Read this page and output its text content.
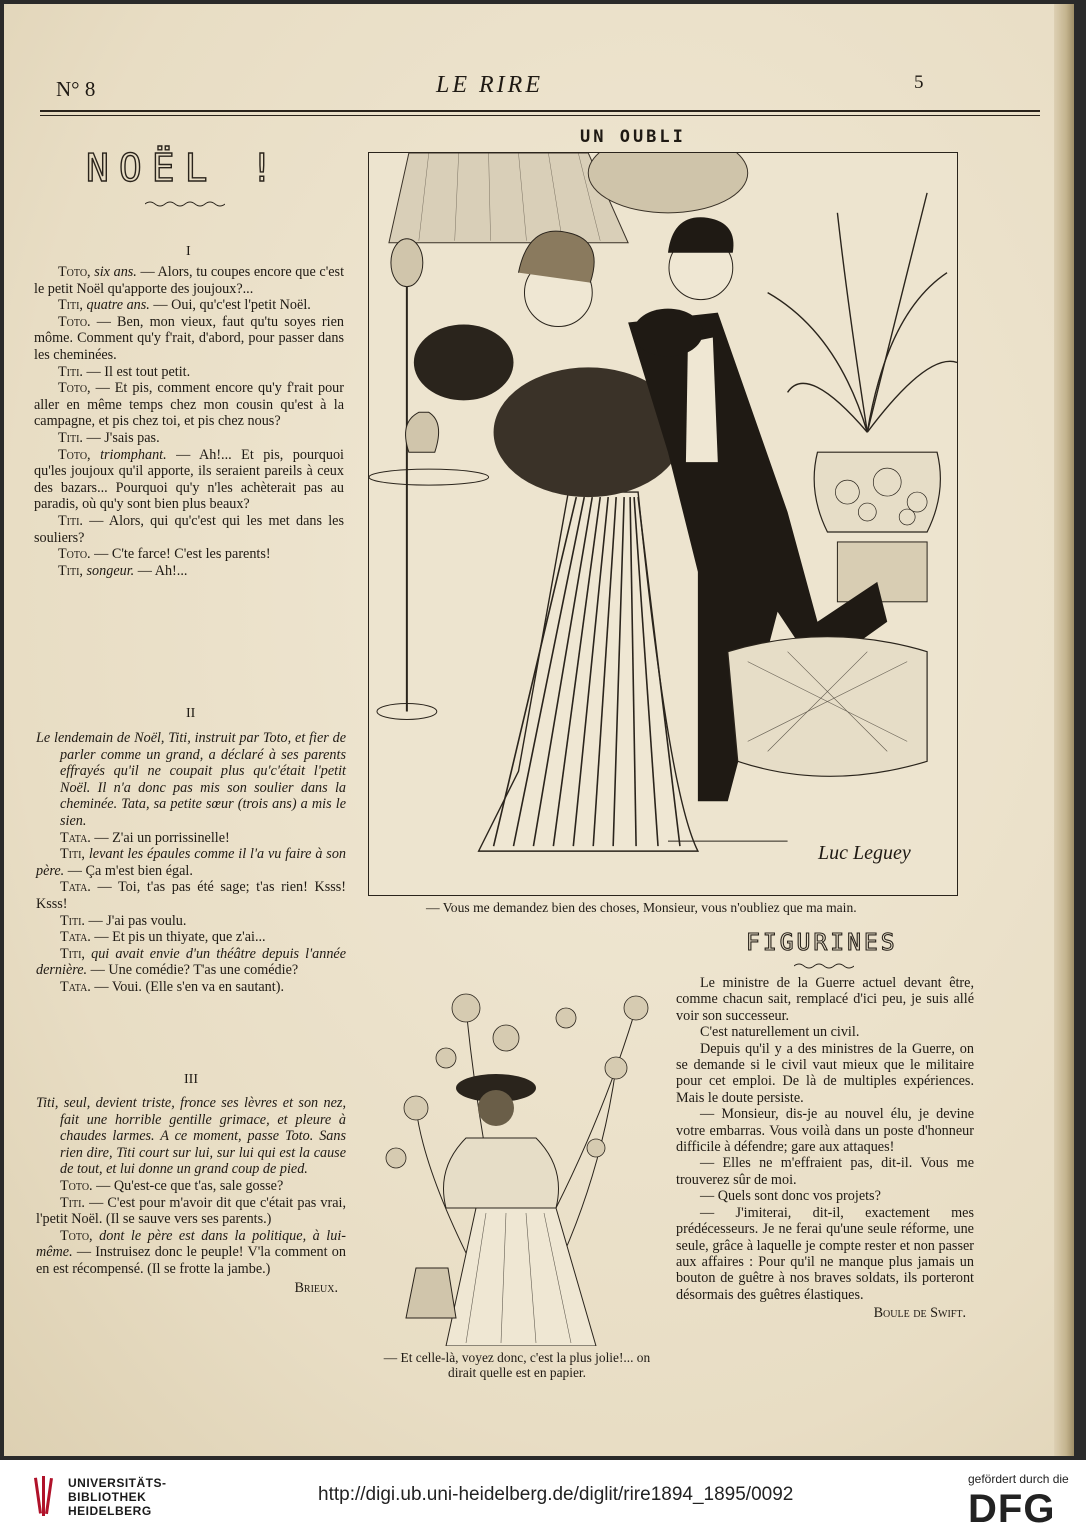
N° 8	LE RIRE	5
NOËL !
I

Toto, six ans. — Alors, tu coupes encore que c'est le petit Noël qu'apporte des joujoux?...

Titi, quatre ans. — Oui, qu'c'est l'petit Noël.

Toto. — Ben, mon vieux, faut qu'tu soyes rien môme. Comment qu'y f'rait, d'abord, pour passer dans les cheminées.

Titi. — Il est tout petit.

Toto, — Et pis, comment encore qu'y f'rait pour aller en même temps chez mon cousin qu'est à la campagne, et pis chez toi, et pis chez nous?

Titi. — J'sais pas.

Toto, triomphant. — Ah!... Et pis, pourquoi qu'les joujoux qu'il apporte, ils seraient pareils à ceux des bazars... Pourquoi qu'y n'les achèterait pas au paradis, où qu'y sont bien plus beaux?

Titi. — Alors, qui qu'c'est qui les met dans les souliers?

Toto. — C'te farce! C'est les parents!

Titi, songeur. — Ah!...

II

Le lendemain de Noël, Titi, instruit par Toto, et fier de parler comme un grand, a déclaré à ses parents effrayés qu'il ne coupait plus qu'c'était l'petit Noël. Il n'a donc pas mis son soulier dans la cheminée. Tata, sa petite sœur (trois ans) a mis le sien.

Tata. — Z'ai un porrissinelle!

Titi, levant les épaules comme il l'a vu faire à son père. — Ça m'est bien égal.

Tata. — Toi, t'as pas été sage; t'as rien! Ksss! Ksss!

Titi. — J'ai pas voulu.

Tata. — Et pis un thiyate, que z'ai...

Titi, qui avait envie d'un théâtre depuis l'année dernière. — Une comédie? T'as une comédie?

Tata. — Voui. (Elle s'en va en sautant).

III

Titi, seul, devient triste, fronce ses lèvres et son nez, fait une horrible gentille grimace, et pleure à chaudes larmes. A ce moment, passe Toto. Sans rien dire, Titi court sur lui, sur lui qui est la cause de tout, et lui donne un grand coup de pied.

Toto. — Qu'est-ce que t'as, sale gosse?

Titi. — C'est pour m'avoir dit que c'était pas vrai, l'petit Noël. (Il se sauve vers ses parents.)

Toto, dont le père est dans la politique, à lui-même. — Instruisez donc le peuple! V'la comment on en est récompensé. (Il se frotte la jambe.)

Brieux.
UN OUBLI
Luc Leguey
— Vous me demandez bien des choses, Monsieur, vous n'oubliez que ma main.
FIGURINES

Le ministre de la Guerre actuel devant être, comme chacun sait, remplacé d'ici peu, je suis allé voir son successeur.

C'est naturellement un civil.

Depuis qu'il y a des ministres de la Guerre, on se demande si le civil vaut mieux que le militaire pour cet emploi. De là de multiples expériences. Mais le doute persiste.

— Monsieur, dis-je au nouvel élu, je devine votre embarras. Vous voilà dans un poste d'honneur difficile à défendre; gare aux attaques!

— Elles ne m'effraient pas, dit-il. Vous me trouverez sûr de moi.

— Quels sont donc vos projets?

— J'imiterai, dit-il, exactement mes prédécesseurs. Je ne ferai qu'une seule réforme, une seule, grâce à laquelle je compte rester et non passer aux affaires : Pour qu'il ne manque plus jamais un bouton de guêtre à nos braves soldats, ils porteront désormais des guêtres élastiques.

Boule de Swift.
— Et celle-là, voyez donc, c'est la plus jolie!... on dirait quelle est en papier.
UNIVERSITÄTS-
BIBLIOTHEK
HEIDELBERG
http://digi.ub.uni-heidelberg.de/diglit/rire1894_1895/0092
gefördert durch die
DFG
